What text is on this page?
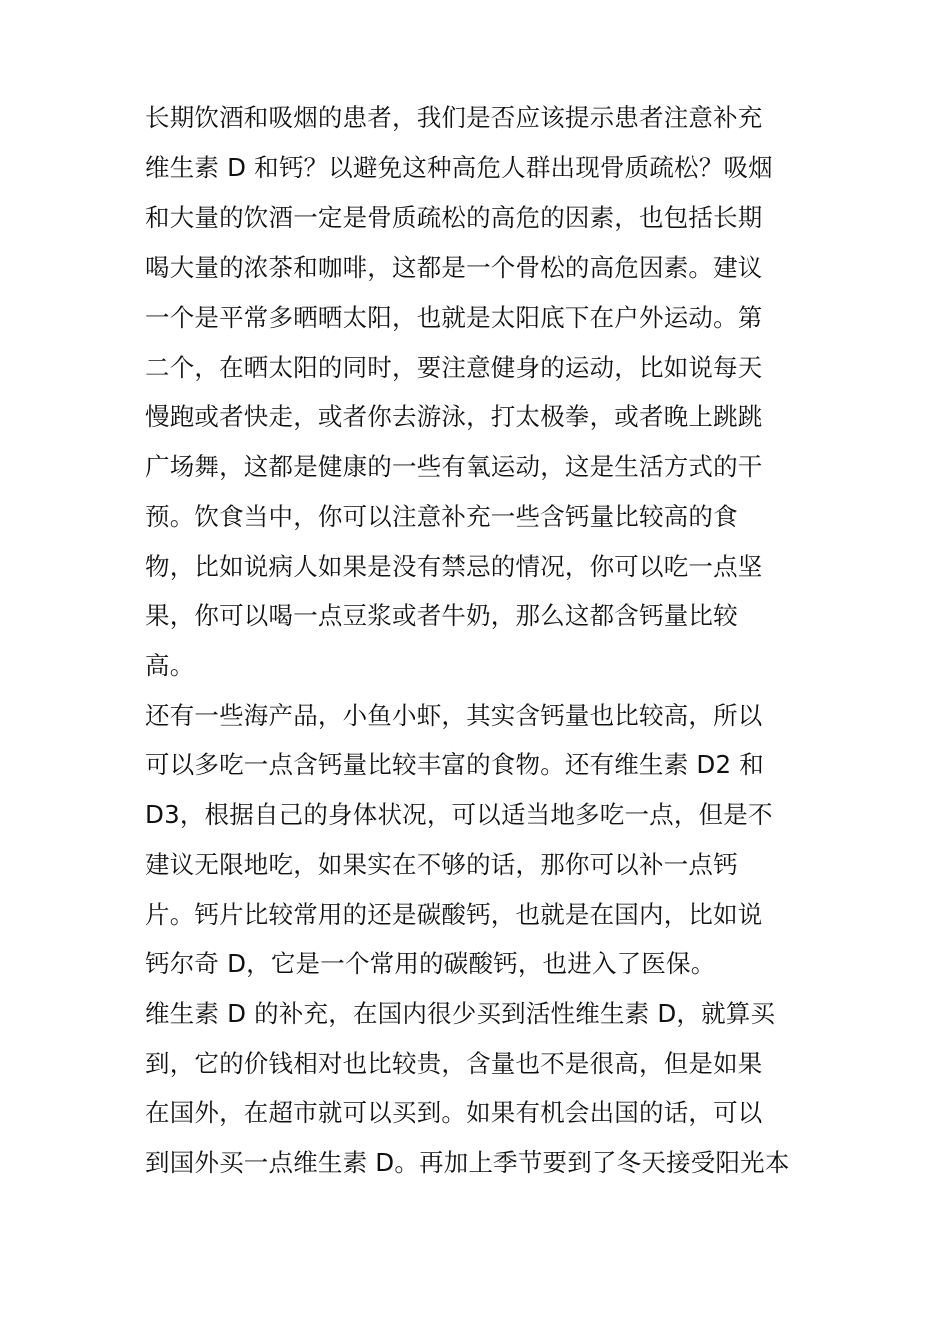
长期饮酒和吸烟的患者，我们是否应该提示患者注意补充
维生素 D 和钙？以避免这种高危人群出现骨质疏松？吸烟
和大量的饮酒一定是骨质疏松的高危的因素，也包括长期
喝大量的浓茶和咖啡，这都是一个骨松的高危因素。建议
一个是平常多晒晒太阳，也就是太阳底下在户外运动。第
二个，在晒太阳的同时，要注意健身的运动，比如说每天
慢跑或者快走，或者你去游泳，打太极拳，或者晚上跳跳
广场舞，这都是健康的一些有氧运动，这是生活方式的干
预。饮食当中，你可以注意补充一些含钙量比较高的食
物，比如说病人如果是没有禁忌的情况，你可以吃一点坚
果，你可以喝一点豆浆或者牛奶，那么这都含钙量比较
高。
还有一些海产品，小鱼小虾，其实含钙量也比较高，所以
可以多吃一点含钙量比较丰富的食物。还有维生素 D2 和
D3，根据自己的身体状况，可以适当地多吃一点，但是不
建议无限地吃，如果实在不够的话，那你可以补一点钙
片。钙片比较常用的还是碳酸钙，也就是在国内，比如说
钙尔奇 D，它是一个常用的碳酸钙，也进入了医保。
维生素 D 的补充，在国内很少买到活性维生素 D，就算买
到，它的价钱相对也比较贵，含量也不是很高，但是如果
在国外，在超市就可以买到。如果有机会出国的话，可以
到国外买一点维生素 D。再加上季节要到了冬天接受阳光本
